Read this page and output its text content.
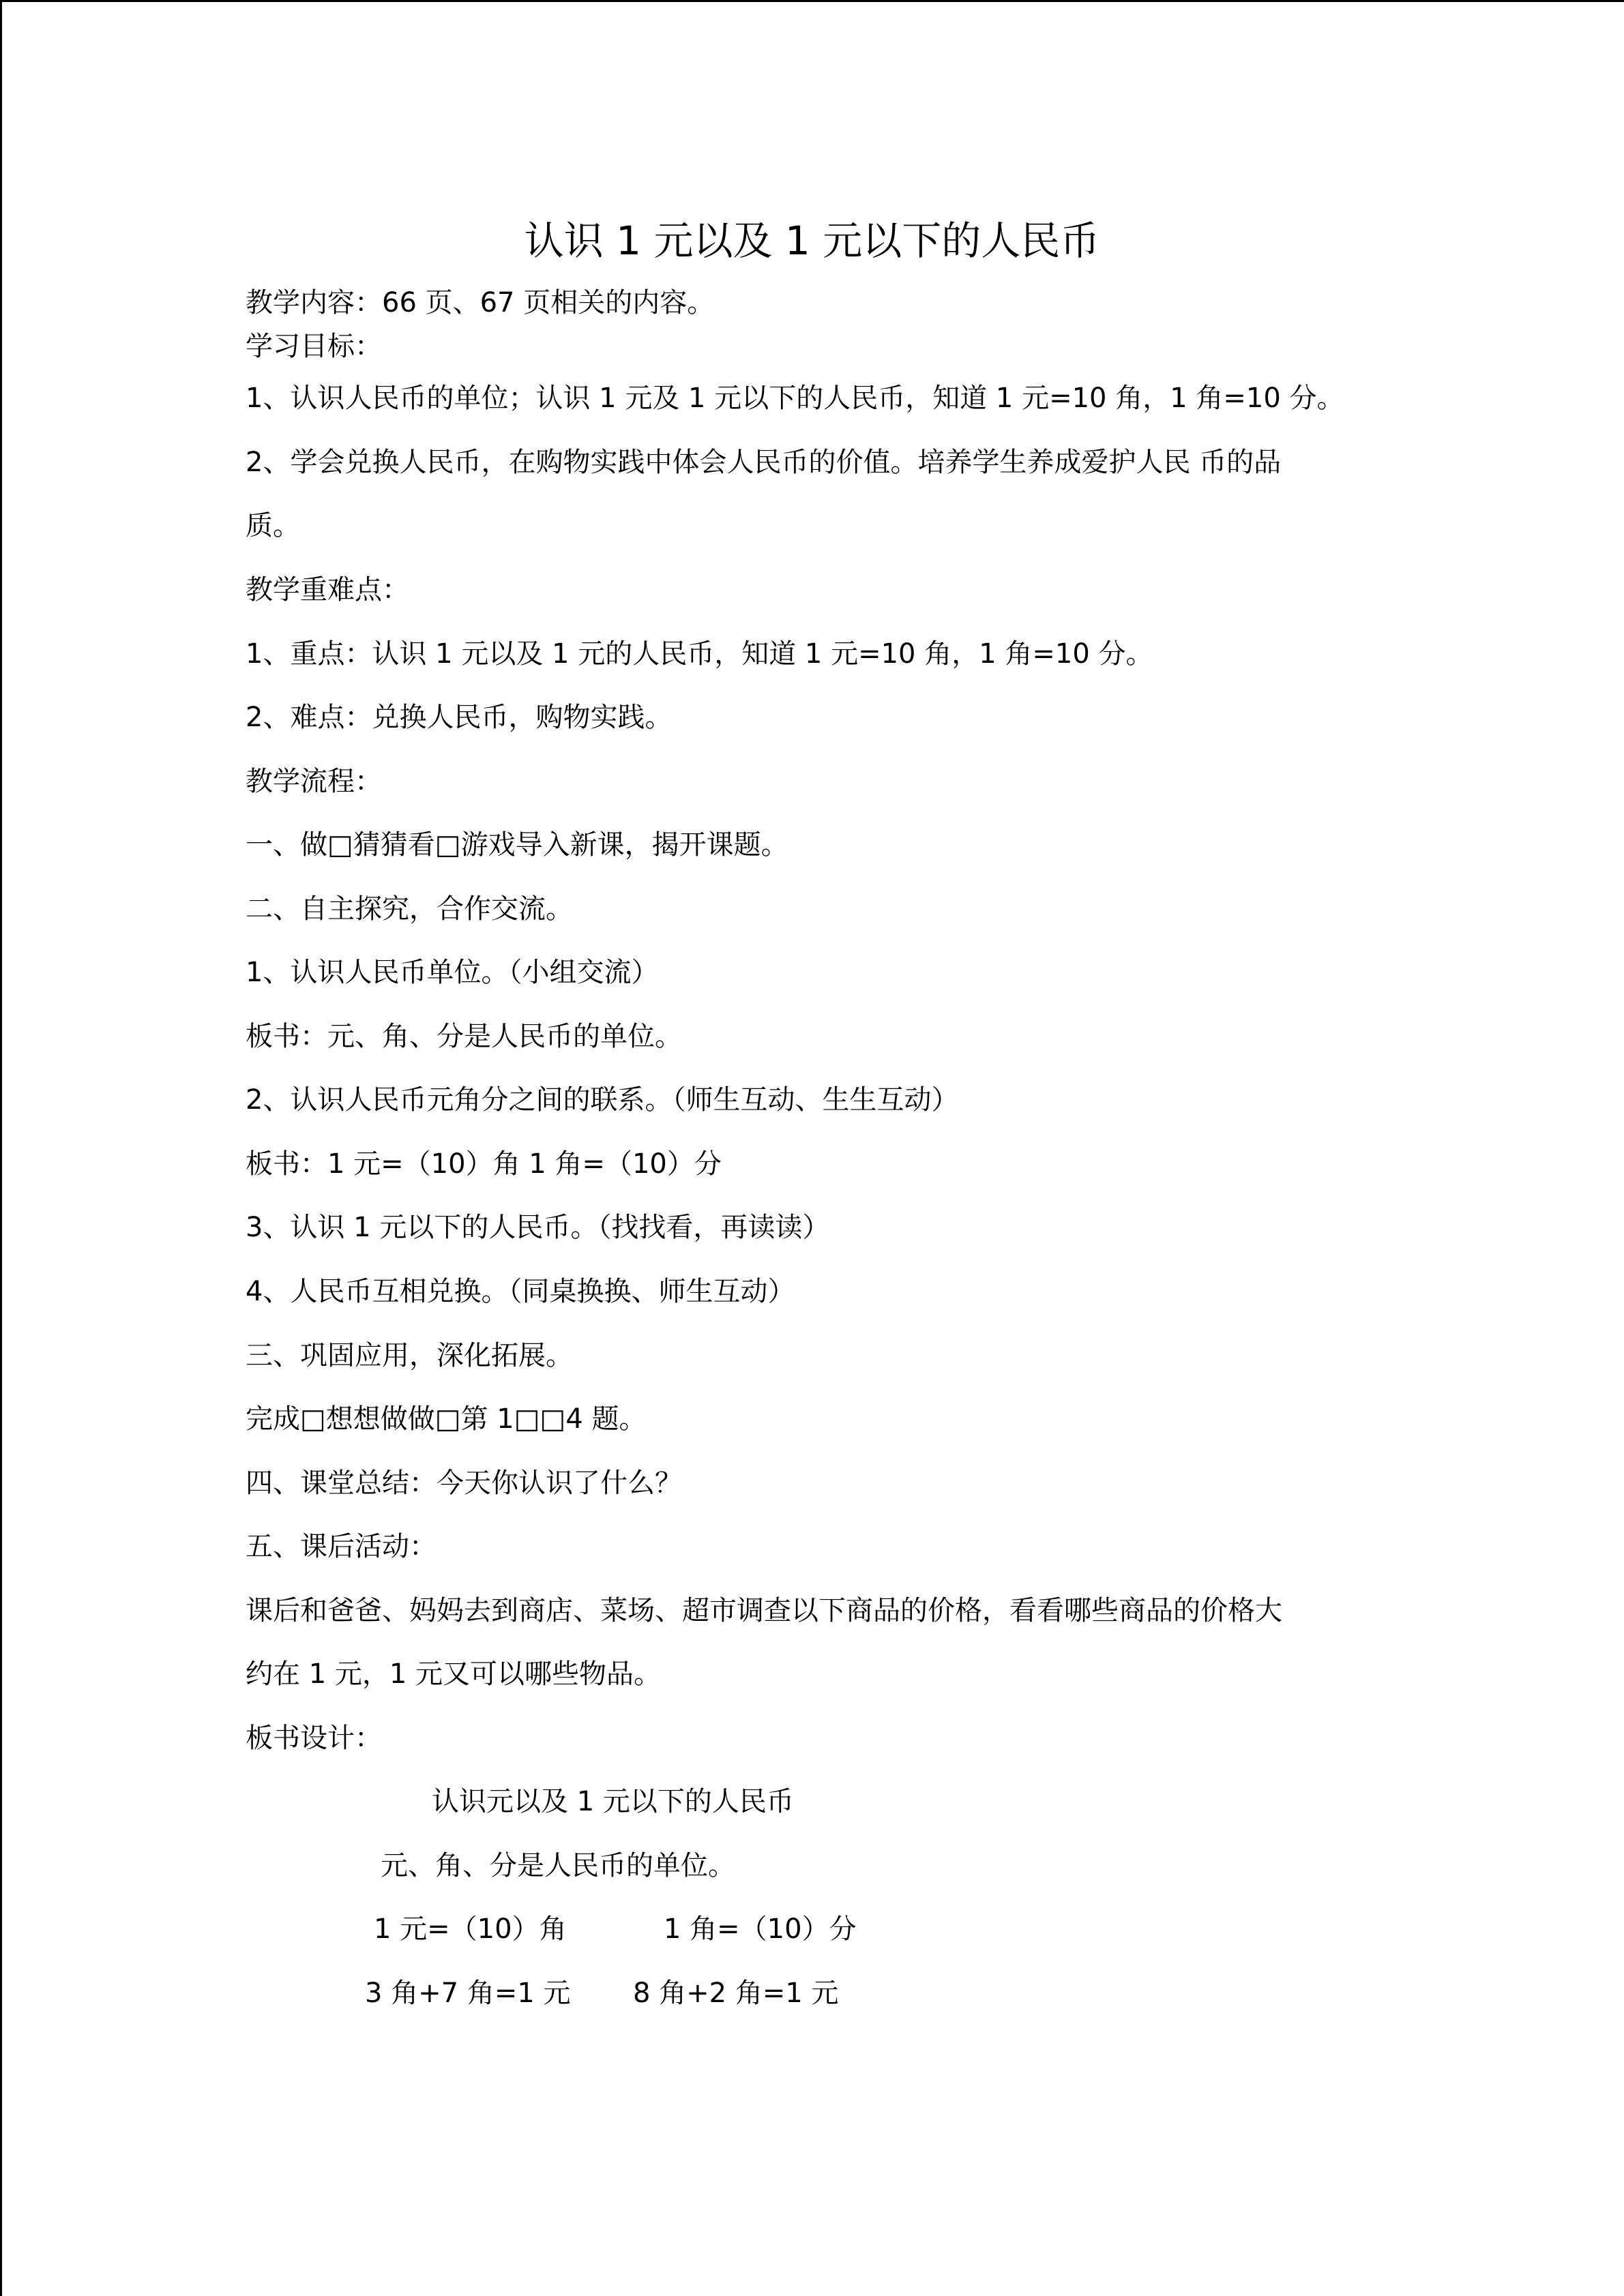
认识 1 元以及 1 元以下的人民币
教学内容：66 页、67 页相关的内容。
学习目标：
1、认识人民币的单位；认识 1 元及 1 元以下的人民币，知道 1 元=10 角，1 角=10 分。
2、学会兑换人民币，在购物实践中体会人民币的价值。培养学生养成爱护人民 币的品
质。
教学重难点：
1、重点：认识 1 元以及 1 元的人民币，知道 1 元=10 角，1 角=10 分。
2、难点：兑换人民币，购物实践。
教学流程：
一、做□猜猜看□游戏导入新课，揭开课题。
二、自主探究，合作交流。
1、认识人民币单位。（小组交流）
板书：元、角、分是人民币的单位。
2、认识人民币元角分之间的联系。（师生互动、生生互动）
板书：1 元=（10）角 1 角=（10）分
3、认识 1 元以下的人民币。（找找看，再读读）
4、人民币互相兑换。（同桌换换、师生互动）
三、巩固应用，深化拓展。
完成□想想做做□第 1□□4 题。
四、课堂总结：今天你认识了什么？
五、课后活动：
课后和爸爸、妈妈去到商店、菜场、超市调查以下商品的价格，看看哪些商品的价格大
约在 1 元，1 元又可以哪些物品。
板书设计：
认识元以及 1 元以下的人民币
元、角、分是人民币的单位。
1 元=（10）角	1 角=（10）分
3 角+7 角=1 元 8 角+2 角=1 元
